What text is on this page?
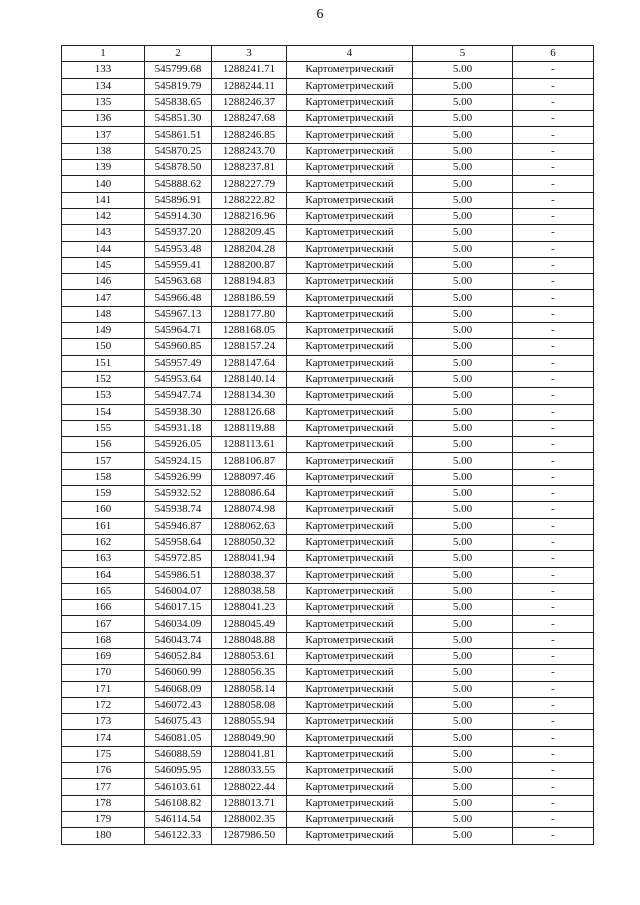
6
1	2	3	4	5	6
133	545799.68	1288241.71	Картометрический	5.00	-
134	545819.79	1288244.11	Картометрический	5.00	-
135	545838.65	1288246.37	Картометрический	5.00	-
136	545851.30	1288247.68	Картометрический	5.00	-
137	545861.51	1288246.85	Картометрический	5.00	-
138	545870.25	1288243.70	Картометрический	5.00	-
139	545878.50	1288237.81	Картометрический	5.00	-
140	545888.62	1288227.79	Картометрический	5.00	-
141	545896.91	1288222.82	Картометрический	5.00	-
142	545914.30	1288216.96	Картометрический	5.00	-
143	545937.20	1288209.45	Картометрический	5.00	-
144	545953.48	1288204.28	Картометрический	5.00	-
145	545959.41	1288200.87	Картометрический	5.00	-
146	545963.68	1288194.83	Картометрический	5.00	-
147	545966.48	1288186.59	Картометрический	5.00	-
148	545967.13	1288177.80	Картометрический	5.00	-
149	545964.71	1288168.05	Картометрический	5.00	-
150	545960.85	1288157.24	Картометрический	5.00	-
151	545957.49	1288147.64	Картометрический	5.00	-
152	545953.64	1288140.14	Картометрический	5.00	-
153	545947.74	1288134.30	Картометрический	5.00	-
154	545938.30	1288126.68	Картометрический	5.00	-
155	545931.18	1288119.88	Картометрический	5.00	-
156	545926.05	1288113.61	Картометрический	5.00	-
157	545924.15	1288106.87	Картометрический	5.00	-
158	545926.99	1288097.46	Картометрический	5.00	-
159	545932.52	1288086.64	Картометрический	5.00	-
160	545938.74	1288074.98	Картометрический	5.00	-
161	545946.87	1288062.63	Картометрический	5.00	-
162	545958.64	1288050.32	Картометрический	5.00	-
163	545972.85	1288041.94	Картометрический	5.00	-
164	545986.51	1288038.37	Картометрический	5.00	-
165	546004.07	1288038.58	Картометрический	5.00	-
166	546017.15	1288041.23	Картометрический	5.00	-
167	546034.09	1288045.49	Картометрический	5.00	-
168	546043.74	1288048.88	Картометрический	5.00	-
169	546052.84	1288053.61	Картометрический	5.00	-
170	546060.99	1288056.35	Картометрический	5.00	-
171	546068.09	1288058.14	Картометрический	5.00	-
172	546072.43	1288058.08	Картометрический	5.00	-
173	546075.43	1288055.94	Картометрический	5.00	-
174	546081.05	1288049.90	Картометрический	5.00	-
175	546088.59	1288041.81	Картометрический	5.00	-
176	546095.95	1288033.55	Картометрический	5.00	-
177	546103.61	1288022.44	Картометрический	5.00	-
178	546108.82	1288013.71	Картометрический	5.00	-
179	546114.54	1288002.35	Картометрический	5.00	-
180	546122.33	1287986.50	Картометрический	5.00	-
